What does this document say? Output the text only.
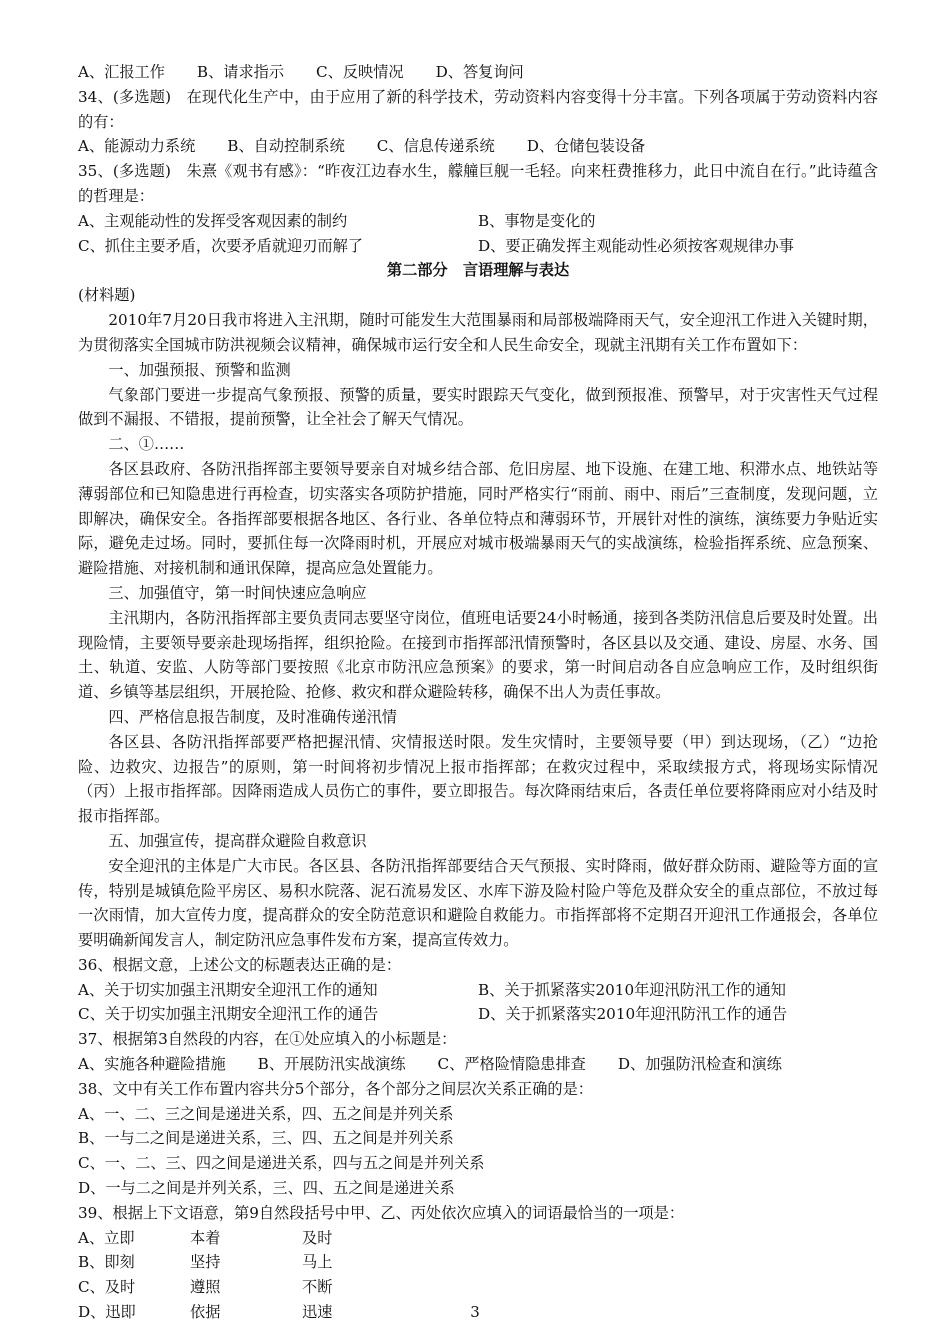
A、汇报工作 B、请求指示 C、反映情况 D、答复询问
34、(多选题)　在现代化生产中，由于应用了新的科学技术，劳动资料内容变得十分丰富。下列各项属于劳动资料内容的有：
A、能源动力系统 B、自动控制系统 C、信息传递系统 D、仓储包装设备
35、(多选题)　朱熹《观书有感》：“昨夜江边春水生，艨艟巨舰一毛轻。向来枉费推移力，此日中流自在行。”此诗蕴含的哲理是：
A、主观能动性的发挥受客观因素的制约	B、事物是变化的
C、抓住主要矛盾，次要矛盾就迎刃而解了	D、要正确发挥主观能动性必须按客观规律办事
第二部分　言语理解与表达
(材料题)
2010年7月20日我市将进入主汛期，随时可能发生大范围暴雨和局部极端降雨天气，安全迎汛工作进入关键时期，为贯彻落实全国城市防洪视频会议精神，确保城市运行安全和人民生命安全，现就主汛期有关工作布置如下：
一、加强预报、预警和监测
气象部门要进一步提高气象预报、预警的质量，要实时跟踪天气变化，做到预报准、预警早，对于灾害性天气过程做到不漏报、不错报，提前预警，让全社会了解天气情况。
二、①……
各区县政府、各防汛指挥部主要领导要亲自对城乡结合部、危旧房屋、地下设施、在建工地、积滞水点、地铁站等薄弱部位和已知隐患进行再检查，切实落实各项防护措施，同时严格实行“雨前、雨中、雨后”三查制度，发现问题，立即解决，确保安全。各指挥部要根据各地区、各行业、各单位特点和薄弱环节，开展针对性的演练，演练要力争贴近实际，避免走过场。同时，要抓住每一次降雨时机，开展应对城市极端暴雨天气的实战演练，检验指挥系统、应急预案、避险措施、对接机制和通讯保障，提高应急处置能力。
三、加强值守，第一时间快速应急响应
主汛期内，各防汛指挥部主要负责同志要坚守岗位，值班电话要24小时畅通，接到各类防汛信息后要及时处置。出现险情，主要领导要亲赴现场指挥，组织抢险。在接到市指挥部汛情预警时，各区县以及交通、建设、房屋、水务、国土、轨道、安监、人防等部门要按照《北京市防汛应急预案》的要求，第一时间启动各自应急响应工作，及时组织街道、乡镇等基层组织，开展抢险、抢修、救灾和群众避险转移，确保不出人为责任事故。
四、严格信息报告制度，及时准确传递汛情
各区县、各防汛指挥部要严格把握汛情、灾情报送时限。发生灾情时，主要领导要（甲）到达现场，（乙）“边抢险、边救灾、边报告”的原则，第一时间将初步情况上报市指挥部；在救灾过程中，采取续报方式，将现场实际情况（丙）上报市指挥部。因降雨造成人员伤亡的事件，要立即报告。每次降雨结束后，各责任单位要将降雨应对小结及时报市指挥部。
五、加强宣传，提高群众避险自救意识
安全迎汛的主体是广大市民。各区县、各防汛指挥部要结合天气预报、实时降雨，做好群众防雨、避险等方面的宣传，特别是城镇危险平房区、易积水院落、泥石流易发区、水库下游及险村险户等危及群众安全的重点部位，不放过每一次雨情，加大宣传力度，提高群众的安全防范意识和避险自救能力。市指挥部将不定期召开迎汛工作通报会，各单位要明确新闻发言人，制定防汛应急事件发布方案，提高宣传效力。
36、根据文意，上述公文的标题表达正确的是：
A、关于切实加强主汛期安全迎汛工作的通知	B、关于抓紧落实2010年迎汛防汛工作的通知
C、关于切实加强主汛期安全迎汛工作的通告	D、关于抓紧落实2010年迎汛防汛工作的通告
37、根据第3自然段的内容，在①处应填入的小标题是：
A、实施各种避险措施 B、开展防汛实战演练 C、严格险情隐患排查 D、加强防汛检查和演练
38、文中有关工作布置内容共分5个部分，各个部分之间层次关系正确的是：
A、一、二、三之间是递进关系，四、五之间是并列关系
B、一与二之间是递进关系，三、四、五之间是并列关系
C、一、二、三、四之间是递进关系，四与五之间是并列关系
D、一与二之间是并列关系，三、四、五之间是递进关系
39、根据上下文语意，第9自然段括号中甲、乙、丙处依次应填入的词语最恰当的一项是：
A、立即	本着	及时
B、即刻	坚持	马上
C、及时	遵照	不断
D、迅即	依据	迅速	3
